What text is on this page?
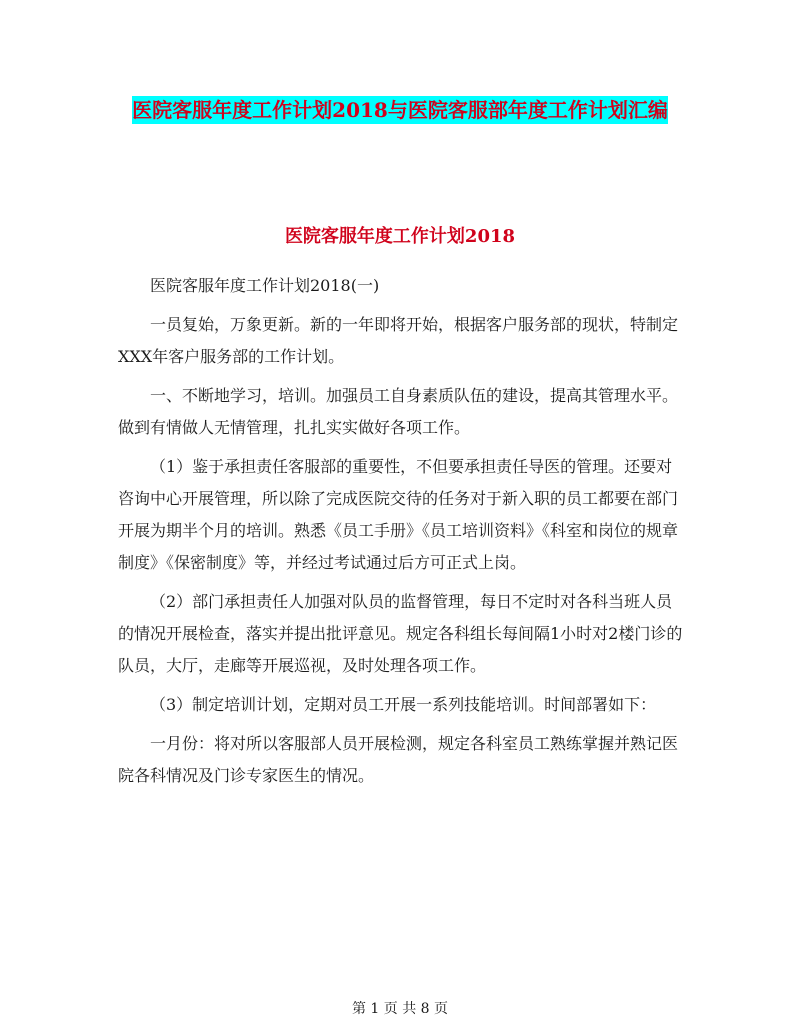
医院客服年度工作计划2018与医院客服部年度工作计划汇编
医院客服年度工作计划2018

医院客服年度工作计划2018(一)

一员复始，万象更新。新的一年即将开始，根据客户服务部的现状，特制定XXX年客户服务部的工作计划。

一、不断地学习，培训。加强员工自身素质队伍的建设，提高其管理水平。做到有情做人无情管理，扎扎实实做好各项工作。

（1）鉴于承担责任客服部的重要性，不但要承担责任导医的管理。还要对咨询中心开展管理，所以除了完成医院交待的任务对于新入职的员工都要在部门开展为期半个月的培训。熟悉《员工手册》《员工培训资料》《科室和岗位的规章制度》《保密制度》等，并经过考试通过后方可正式上岗。

（2）部门承担责任人加强对队员的监督管理，每日不定时对各科当班人员的情况开展检查，落实并提出批评意见。规定各科组长每间隔1小时对2楼门诊的队员，大厅，走廊等开展巡视，及时处理各项工作。

（3）制定培训计划，定期对员工开展一系列技能培训。时间部署如下：

一月份：将对所以客服部人员开展检测，规定各科室员工熟练掌握并熟记医院各科情况及门诊专家医生的情况。

第 1 页 共 8 页
